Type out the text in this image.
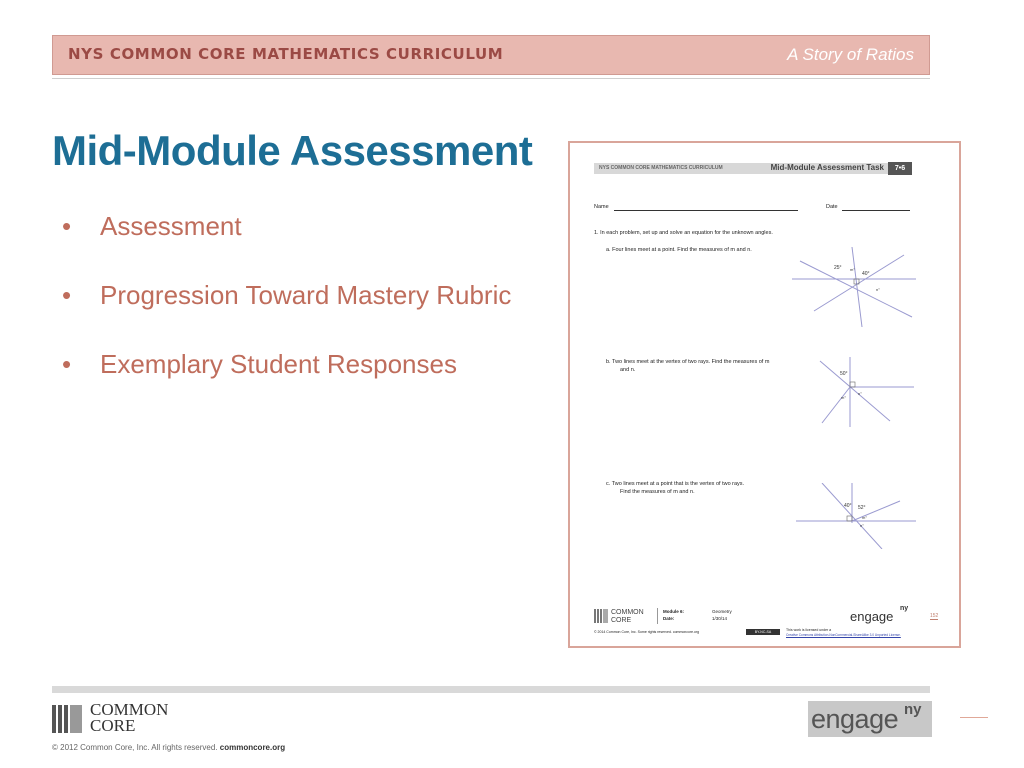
NYS COMMON CORE MATHEMATICS CURRICULUM	A Story of Ratios
Mid-Module Assessment
• Assessment
• Progression Toward Mastery Rubric
• Exemplary Student Responses
NYS COMMON CORE MATHEMATICS CURRICULUM	Mid-Module Assessment Task	7•6
Name	Date
1. In each problem, set up and solve an equation for the unknown angles.
a. Four lines meet at a point. Find the measures of m and n.
25°
40°
n°
m°
b. Two lines meet at the vertex of two rays. Find the measures of m
and n.
50°
n°
m°
c. Two lines meet at a point that is the vertex of two rays.
Find the measures of m and n.
40° 52°
m°
n°
COMMON
CORE
Module 6:
Date:
Geometry
1/30/14	engage
ny
152
© 2014 Common Core, Inc. Some rights reserved. commoncore.org	BY-NC-SA	This work is licensed under a
Creative Commons Attribution-NonCommercial-ShareAlike 3.0 Unported License.
COMMON
CORE
© 2012 Common Core, Inc. All rights reserved. commoncore.org
engage ny
